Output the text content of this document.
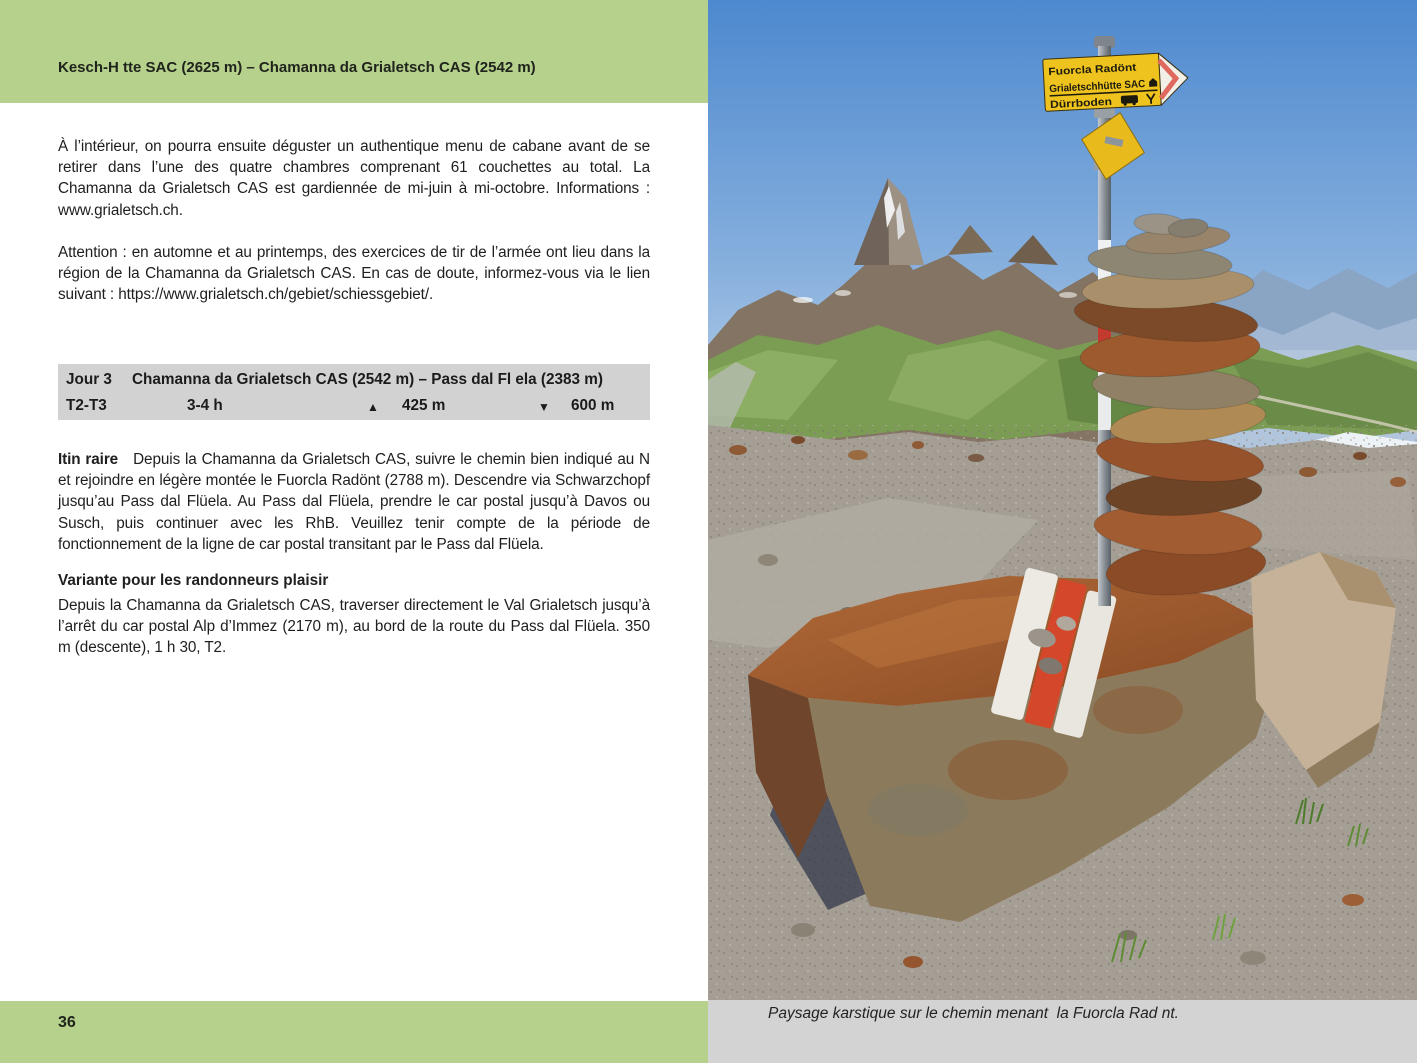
Kesch-H tte SAC (2625 m) – Chamanna da Grialetsch CAS (2542 m)

À l’intérieur, on pourra ensuite déguster un authentique menu de cabane avant de se retirer dans l’une des quatre chambres comprenant 61 couchettes au total. La Chamanna da Grialetsch CAS est gardiennée de mi-juin à mi-octobre. Informations : www.grialetsch.ch.

Attention : en automne et au printemps, des exercices de tir de l’armée ont lieu dans la région de la Chamanna da Grialetsch CAS. En cas de doute, informez-vous via le lien suivant : https://www.grialetsch.ch/gebiet/schiessgebiet/.

Jour 3 Chamanna da Grialetsch CAS (2542 m) – Pass dal Fl ela (2383 m)
T2-T3	3-4 h	▲ 425 m	▼ 600 m

Itin raire Depuis la Chamanna da Grialetsch CAS, suivre le chemin bien indiqué au N et rejoindre en légère montée le Fuorcla Radönt (2788 m). Descendre via Schwarzchopf jusqu’au Pass dal Flüela. Au Pass dal Flüela, prendre le car postal jusqu’à Davos ou Susch, puis continuer avec les RhB. Veuillez tenir compte de la période de fonctionnement de la ligne de car postal transitant par le Pass dal Flüela.

Variante pour les randonneurs plaisir

Depuis la Chamanna da Grialetsch CAS, traverser directement le Val Grialetsch jusqu’à l’arrêt du car postal Alp d’Immez (2170 m), au bord de la route du Pass dal Flüela. 350 m (descente), 1 h 30, T2.

36
Fuorcla Radönt
Grialetschhütte SAC
Dürrboden
Paysage karstique sur le chemin menant  la Fuorcla Rad nt.
